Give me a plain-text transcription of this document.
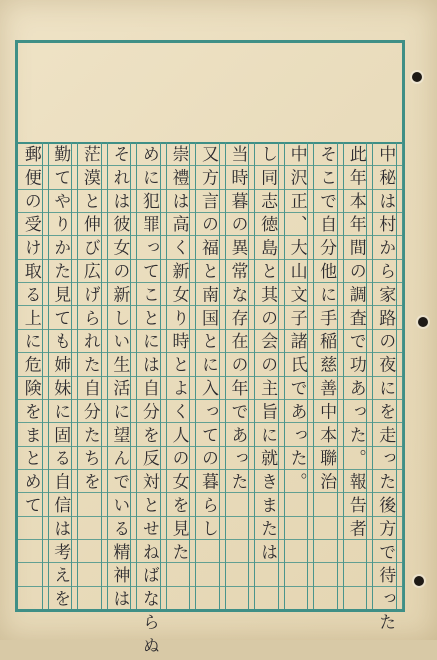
中秘は村から家路の夜にを走った後方で待った
此年本年間の調査で功あった。報告者
そこで自分他に手稲慈善中本聯治
中沢正、大山文子諸氏であった。
し同志徳島と其の会の主旨に就きまたは
当時暮の異常な存在の年であった
又方言の福と南国とに入っての暮らし
崇禮は高く新女り時とよく人の女を見た
めに犯罪ってことには自分を反対とせねばならぬ
それは彼女の新しい生活に望んでいる精神は
茫漠と伸び広げられた自分たちを
勤てやりかた見ても姉妹に固る自信は考えを
郵便の受け取る上に危険をまとめて
